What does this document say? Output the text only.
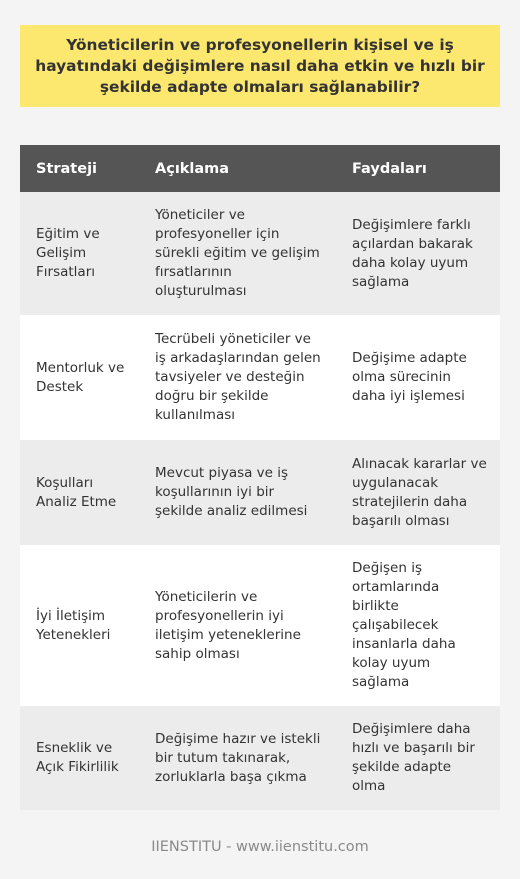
Yöneticilerin ve profesyonellerin kişisel ve iş hayatındaki değişimlere nasıl daha etkin ve hızlı bir şekilde adapte olmaları sağlanabilir?
Strateji	Açıklama	Faydaları
Eğitim ve Gelişim Fırsatları	Yöneticiler ve profesyoneller için sürekli eğitim ve gelişim fırsatlarının oluşturulması	Değişimlere farklı açılardan bakarak daha kolay uyum sağlama
Mentorluk ve Destek	Tecrübeli yöneticiler ve iş arkadaşlarından gelen tavsiyeler ve desteğin doğru bir şekilde kullanılması	Değişime adapte olma sürecinin daha iyi işlemesi
Koşulları Analiz Etme	Mevcut piyasa ve iş koşullarının iyi bir şekilde analiz edilmesi	Alınacak kararlar ve uygulanacak stratejilerin daha başarılı olması
İyi İletişim Yetenekleri	Yöneticilerin ve profesyonellerin iyi iletişim yeteneklerine sahip olması	Değişen iş ortamlarında birlikte çalışabilecek insanlarla daha kolay uyum sağlama
Esneklik ve Açık Fikirlilik	Değişime hazır ve istekli bir tutum takınarak, zorluklarla başa çıkma	Değişimlere daha hızlı ve başarılı bir şekilde adapte olma
IIENSTITU - www.iienstitu.com
